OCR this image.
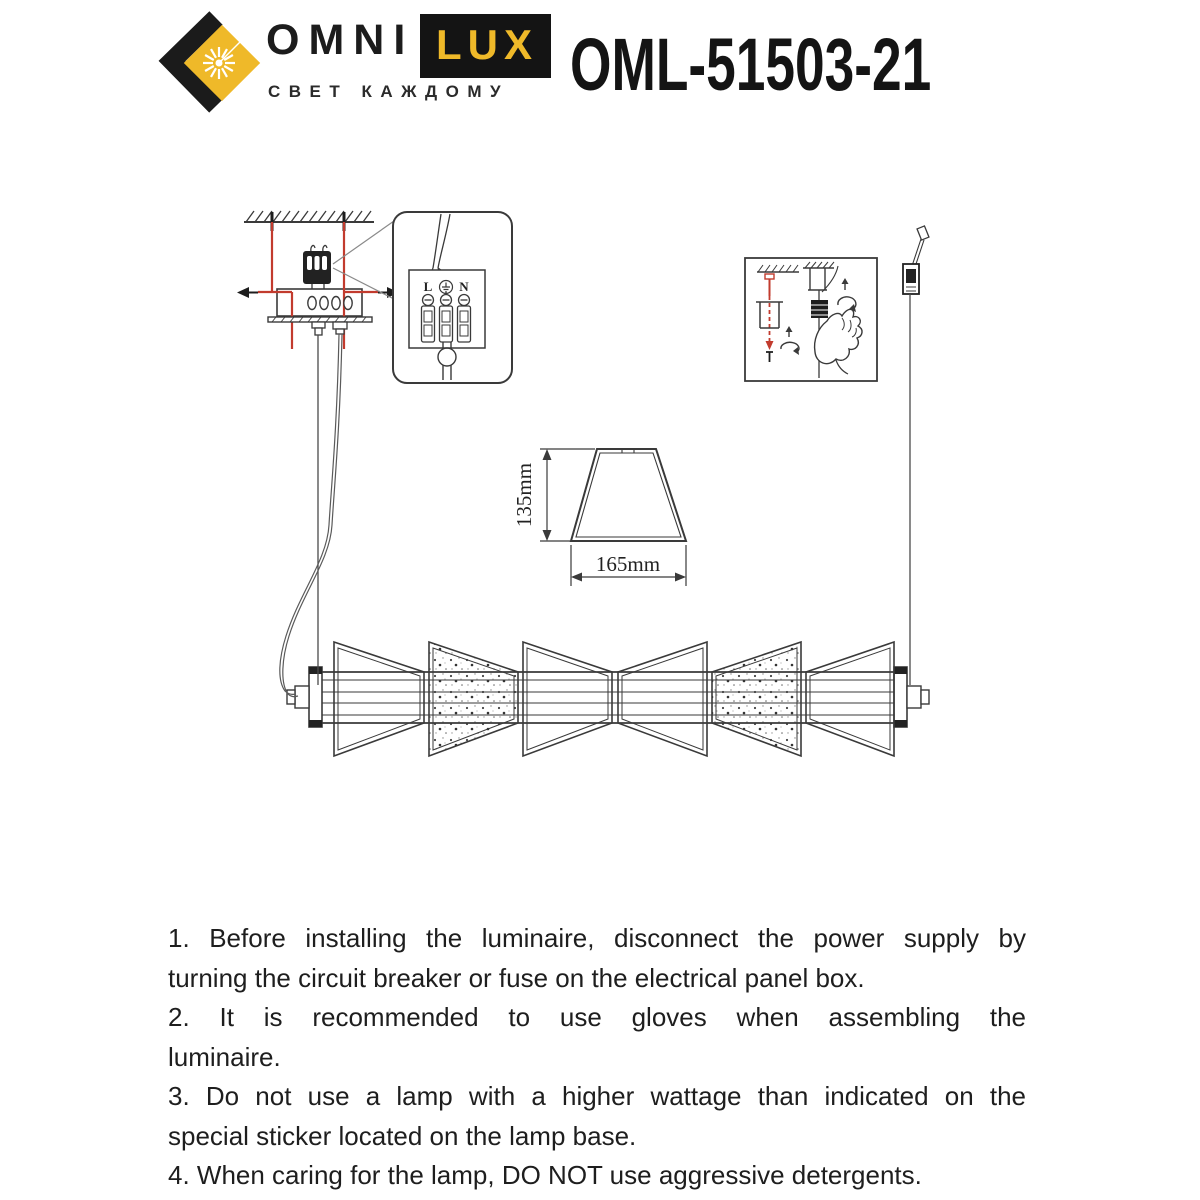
OMNI LUX
СВЕТ КАЖДОМУ OML-51503-21
L N
135mm
165mm
1. Before installing the luminaire, disconnect the power supply by
turning the circuit breaker or fuse on the electrical panel box.
2. It is recommended to use gloves when assembling the
luminaire.
3. Do not use a lamp with a higher wattage than indicated on the
special sticker located on the lamp base.
4. When caring for the lamp, DO NOT use aggressive detergents.
